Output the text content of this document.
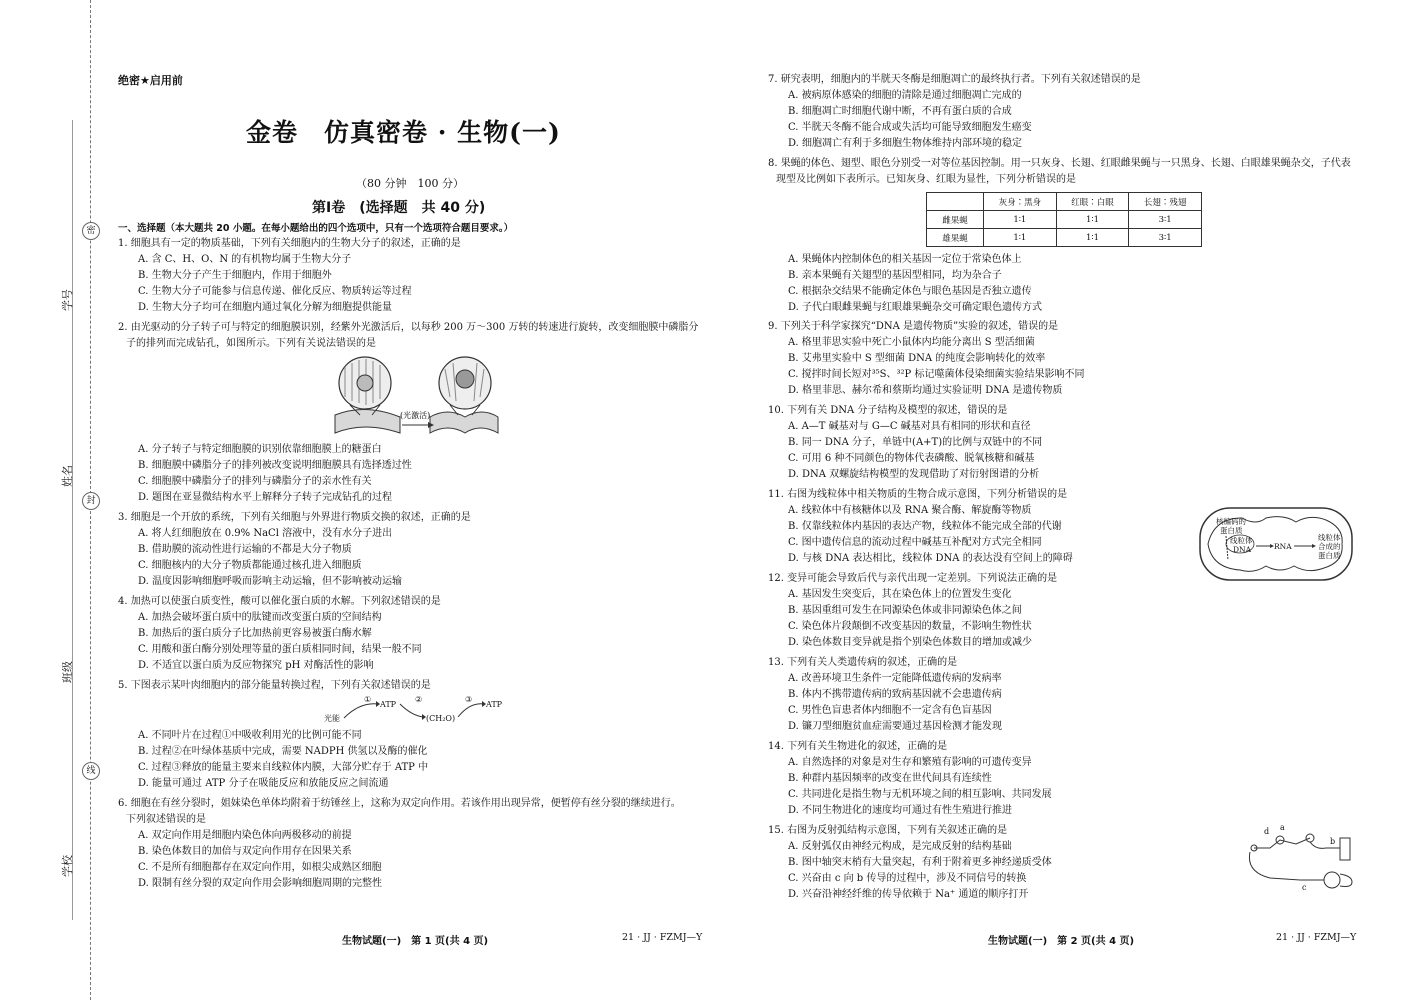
密
封
线
学号
姓名
班级
学校
绝密★启用前
金卷　仿真密卷 · 生物(一)
（80 分钟　100 分）
第Ⅰ卷　(选择题　共 40 分)
一、选择题（本大题共 20 小题。在每小题给出的四个选项中，只有一个选项符合题目要求。）
1. 细胞具有一定的物质基础，下列有关细胞内的生物大分子的叙述，正确的是
A. 含 C、H、O、N 的有机物均属于生物大分子
B. 生物大分子产生于细胞内，作用于细胞外
C. 生物大分子可能参与信息传递、催化反应、物质转运等过程
D. 生物大分子均可在细胞内通过氧化分解为细胞提供能量
2. 由光驱动的分子转子可与特定的细胞膜识别，经紫外光激活后，以每秒 200 万～300 万转的转速进行旋转，改变细胞膜中磷脂分
子的排列而完成钻孔，如图所示。下列有关说法错误的是
(光激活)
A. 分子转子与特定细胞膜的识别依靠细胞膜上的糖蛋白
B. 细胞膜中磷脂分子的排列被改变说明细胞膜具有选择透过性
C. 细胞膜中磷脂分子的排列与磷脂分子的亲水性有关
D. 题图在亚显微结构水平上解释分子转子完成钻孔的过程
3. 细胞是一个开放的系统，下列有关细胞与外界进行物质交换的叙述，正确的是
A. 将人红细胞放在 0.9% NaCl 溶液中，没有水分子进出
B. 借助膜的流动性进行运输的不都是大分子物质
C. 细胞核内的大分子物质都能通过核孔进入细胞质
D. 温度因影响细胞呼吸而影响主动运输，但不影响被动运输
4. 加热可以使蛋白质变性，酸可以催化蛋白质的水解。下列叙述错误的是
A. 加热会破坏蛋白质中的肽键而改变蛋白质的空间结构
B. 加热后的蛋白质分子比加热前更容易被蛋白酶水解
C. 用酸和蛋白酶分别处理等量的蛋白质相同时间，结果一般不同
D. 不适宜以蛋白质为反应物探究 pH 对酶活性的影响
5. 下图表示某叶肉细胞内的部分能量转换过程，下列有关叙述错误的是
光能
ATP
(CH₂O)
ATP
①	②	③
A. 不同叶片在过程①中吸收利用光的比例可能不同
B. 过程②在叶绿体基质中完成，需要 NADPH 供氢以及酶的催化
C. 过程③释放的能量主要来自线粒体内膜，大部分贮存于 ATP 中
D. 能量可通过 ATP 分子在吸能反应和放能反应之间流通
6. 细胞在有丝分裂时，姐妹染色单体均附着于纺锤丝上，这称为双定向作用。若该作用出现异常，便暂停有丝分裂的继续进行。
下列叙述错误的是
A. 双定向作用是细胞内染色体向两极移动的前提
B. 染色体数目的加倍与双定向作用存在因果关系
C. 不是所有细胞都存在双定向作用，如根尖成熟区细胞
D. 限制有丝分裂的双定向作用会影响细胞周期的完整性
生物试题(一)　第 1 页(共 4 页)	21 · JJ · FZMJ—Y
7. 研究表明，细胞内的半胱天冬酶是细胞凋亡的最终执行者。下列有关叙述错误的是
A. 被病原体感染的细胞的清除是通过细胞凋亡完成的
B. 细胞凋亡时细胞代谢中断，不再有蛋白质的合成
C. 半胱天冬酶不能合成或失活均可能导致细胞发生癌变
D. 细胞凋亡有利于多细胞生物体维持内部环境的稳定
8. 果蝇的体色、翅型、眼色分别受一对等位基因控制。用一只灰身、长翅、红眼雌果蝇与一只黑身、长翅、白眼雄果蝇杂交，子代表
现型及比例如下表所示。已知灰身、红眼为显性，下列分析错误的是
	灰身∶黑身	红眼∶白眼	长翅∶残翅
雌果蝇	1∶1	1∶1	3∶1
雄果蝇	1∶1	1∶1	3∶1
A. 果蝇体内控制体色的相关基因一定位于常染色体上
B. 亲本果蝇有关翅型的基因型相同，均为杂合子
C. 根据杂交结果不能确定体色与眼色基因是否独立遗传
D. 子代白眼雌果蝇与红眼雄果蝇杂交可确定眼色遗传方式
9. 下列关于科学家探究“DNA 是遗传物质”实验的叙述，错误的是
A. 格里菲思实验中死亡小鼠体内均能分离出 S 型活细菌
B. 艾弗里实验中 S 型细菌 DNA 的纯度会影响转化的效率
C. 搅拌时间长短对³⁵S、³²P 标记噬菌体侵染细菌实验结果影响不同
D. 格里菲思、赫尔希和蔡斯均通过实验证明 DNA 是遗传物质
10. 下列有关 DNA 分子结构及模型的叙述，错误的是
A. A—T 碱基对与 G—C 碱基对具有相同的形状和直径
B. 同一 DNA 分子，单链中(A+T)的比例与双链中的不同
C. 可用 6 种不同颜色的物体代表磷酸、脱氧核糖和碱基
D. DNA 双螺旋结构模型的发现借助了对衍射图谱的分析
11. 右图为线粒体中相关物质的生物合成示意图，下列分析错误的是
A. 线粒体中有核糖体以及 RNA 聚合酶、解旋酶等物质
B. 仅靠线粒体内基因的表达产物，线粒体不能完成全部的代谢
C. 图中遗传信息的流动过程中碱基互补配对方式完全相同
D. 与核 DNA 表达相比，线粒体 DNA 的表达没有空间上的障碍
核编码的
蛋白质
线粒体
DNA	RNA
线粒体
合成的
蛋白质
12. 变异可能会导致后代与亲代出现一定差别。下列说法正确的是
A. 基因发生突变后，其在染色体上的位置发生变化
B. 基因重组可发生在同源染色体或非同源染色体之间
C. 染色体片段颠倒不改变基因的数量，不影响生物性状
D. 染色体数目变异就是指个别染色体数目的增加或减少
13. 下列有关人类遗传病的叙述，正确的是
A. 改善环境卫生条件一定能降低遗传病的发病率
B. 体内不携带遗传病的致病基因就不会患遗传病
C. 男性色盲患者体内细胞不一定含有色盲基因
D. 镰刀型细胞贫血症需要通过基因检测才能发现
14. 下列有关生物进化的叙述，正确的是
A. 自然选择的对象是对生存和繁殖有影响的可遗传变异
B. 种群内基因频率的改变在世代间具有连续性
C. 共同进化是指生物与无机环境之间的相互影响、共同发展
D. 不同生物进化的速度均可通过有性生殖进行推进
15. 右图为反射弧结构示意图，下列有关叙述正确的是
A. 反射弧仅由神经元构成，是完成反射的结构基础
B. 图中轴突末梢有大量突起，有利于附着更多神经递质受体
C. 兴奋由 c 向 b 传导的过程中，涉及不同信号的转换
D. 兴奋沿神经纤维的传导依赖于 Na⁺ 通道的顺序打开
a
b
c
d
生物试题(一)　第 2 页(共 4 页)	21 · JJ · FZMJ—Y
